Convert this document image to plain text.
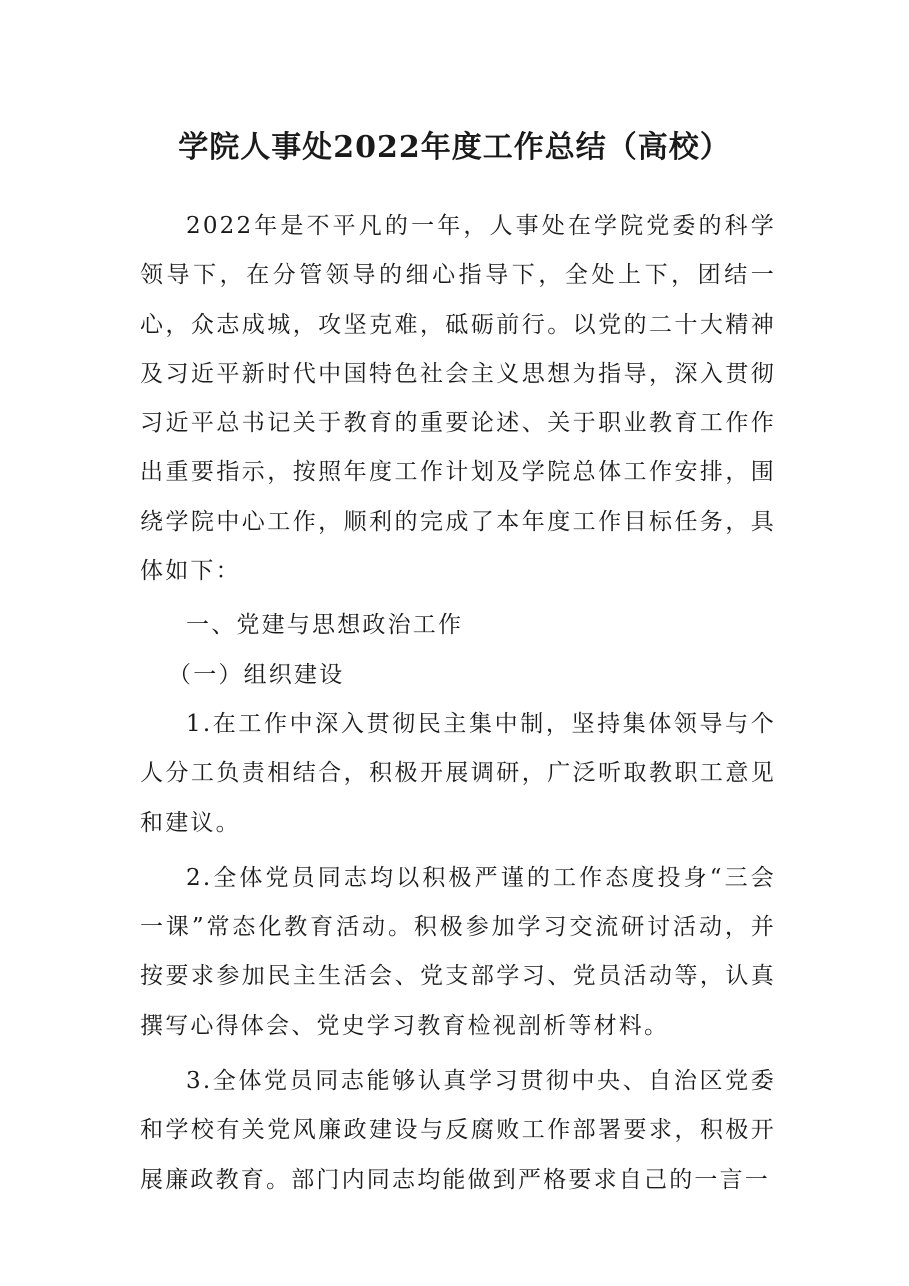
学院人事处2022年度工作总结（高校）

2022年是不平凡的一年，人事处在学院党委的科学领导下，在分管领导的细心指导下，全处上下，团结一心，众志成城，攻坚克难，砥砺前行。以党的二十大精神及习近平新时代中国特色社会主义思想为指导，深入贯彻习近平总书记关于教育的重要论述、关于职业教育工作作出重要指示，按照年度工作计划及学院总体工作安排，围绕学院中心工作，顺利的完成了本年度工作目标任务，具体如下：

一、党建与思想政治工作

（一）组织建设

1.在工作中深入贯彻民主集中制，坚持集体领导与个人分工负责相结合，积极开展调研，广泛听取教职工意见和建议。

2.全体党员同志均以积极严谨的工作态度投身“三会一课”常态化教育活动。积极参加学习交流研讨活动，并按要求参加民主生活会、党支部学习、党员活动等，认真撰写心得体会、党史学习教育检视剖析等材料。

3.全体党员同志能够认真学习贯彻中央、自治区党委和学校有关党风廉政建设与反腐败工作部署要求，积极开展廉政教育。部门内同志均能做到严格要求自己的一言一
